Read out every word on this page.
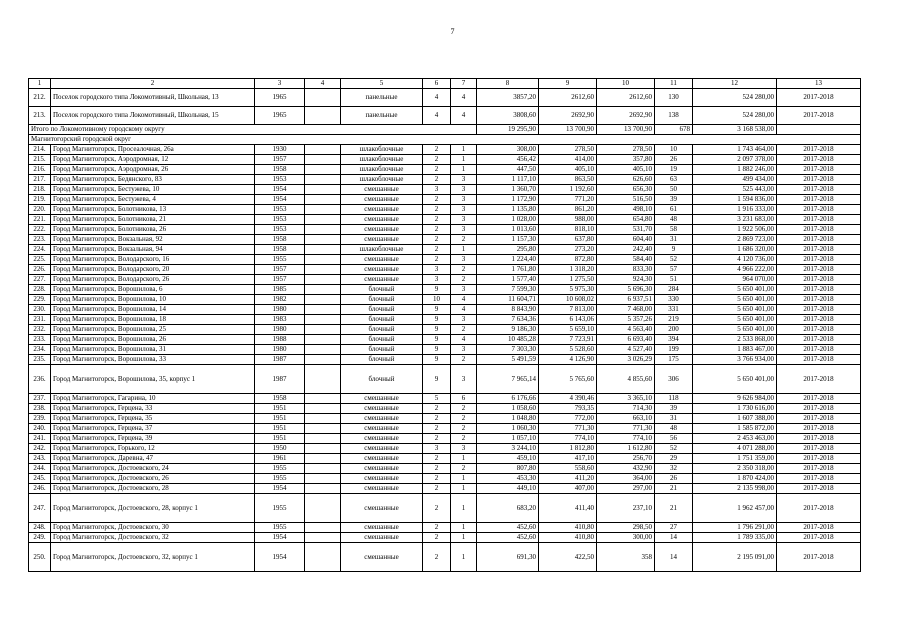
7
1	2	3	4	5	6	7	8	9	10	11	12	13
212.	Поселок городского типа Локомотивный, Школьная, 13	1965		панельные	4	4	3857,20	2612,60	2612,60	130	524 280,00	2017-2018
213.	Поселок городского типа Локомотивный, Школьная, 15	1965		панельные	4	4	3808,60	2692,90	2692,90	138	524 280,00	2017-2018
Итого по Локомотивному городскому округу							19 295,90	13 700,90	13 700,90	678	3 168 538,00	
Магнитогорский городской округ												
214.	Город Магнитогорск, Просеалочная, 26а	1930		шлакоблочные	2	1	308,00	278,50	278,50	10	1 743 464,00	2017-2018
215.	Город Магнитогорск, Аэродромная, 12	1957		шлакоблочные	2	1	456,42	414,00	357,80	26	2 097 378,00	2017-2018
216.	Город Магнитогорск, Аэродромная, 26	1958		шлакоблочные	2	1	447,50	405,10	405,10	19	1 882 246,00	2017-2018
217.	Город Магнитогорск, Бедянского, 83	1953		шлакоблочные	2	3	1 117,10	863,50	626,60	63	499 434,00	2017-2018
218.	Город Магнитогорск, Бестужева, 10	1954		смешанные	3	3	1 360,70	1 192,60	656,30	50	525 443,00	2017-2018
219.	Город Магнитогорск, Бестужева, 4	1954		смешанные	2	3	1 172,90	771,20	516,50	39	1 594 836,00	2017-2018
220.	Город Магнитогорск, Болотникова, 13	1953		смешанные	2	3	1 135,80	861,20	498,10	61	1 916 333,00	2017-2018
221.	Город Магнитогорск, Болотникова, 21	1953		смешанные	2	3	1 028,00	988,00	654,80	48	3 231 683,00	2017-2018
222.	Город Магнитогорск, Болотникова, 26	1953		смешанные	2	3	1 013,60	818,10	531,70	58	1 922 506,00	2017-2018
223.	Город Магнитогорск, Вокзальная, 92	1958		смешанные	2	2	1 157,30	637,80	604,40	31	2 869 723,00	2017-2018
224.	Город Магнитогорск, Вокзальная, 94	1958		шлакоблочные	2	1	295,80	273,20	242,40	9	1 686 320,00	2017-2018
225.	Город Магнитогорск, Володарского, 16	1955		смешанные	2	3	1 224,40	872,80	584,40	52	4 120 736,00	2017-2018
226.	Город Магнитогорск, Володарского, 20	1957		смешанные	3	2	1 761,80	1 318,20	833,30	57	4 966 222,00	2017-2018
227.	Город Магнитогорск, Володарского, 26	1957		смешанные	3	2	1 577,40	1 275,50	924,30	51	964 070,00	2017-2018
228.	Город Магнитогорск, Ворошилова, 6	1985		блочный	9	3	7 599,30	5 975,30	5 696,30	284	5 650 401,00	2017-2018
229.	Город Магнитогорск, Ворошилова, 10	1982		блочный	10	4	11 604,71	10 608,02	6 937,51	330	5 650 401,00	2017-2018
230.	Город Магнитогорск, Ворошилова, 14	1980		блочный	9	4	8 843,90	7 813,00	7 468,00	331	5 650 401,00	2017-2018
231.	Город Магнитогорск, Ворошилова, 18	1983		блочный	9	3	7 634,36	6 143,06	5 357,26	219	5 650 401,00	2017-2018
232.	Город Магнитогорск, Ворошилова, 25	1980		блочный	9	2	9 186,30	5 659,10	4 563,40	200	5 650 401,00	2017-2018
233.	Город Магнитогорск, Ворошилова, 26	1988		блочный	9	4	10 485,28	7 723,91	6 693,40	394	2 533 868,00	2017-2018
234.	Город Магнитогорск, Ворошилова, 31	1980		блочный	9	3	7 303,30	5 528,60	4 527,40	199	1 883 467,00	2017-2018
235.	Город Магнитогорск, Ворошилова, 33	1987		блочный	9	2	5 491,59	4 126,90	3 026,29	175	3 766 934,00	2017-2018
236.	Город Магнитогорск, Ворошилова, 35, корпус 1	1987		блочный	9	3	7 965,14	5 765,60	4 855,60	306	5 650 401,00	2017-2018
237.	Город Магнитогорск, Гагарина, 10	1958		смешанные	5	6	6 176,66	4 390,46	3 365,10	118	9 626 984,00	2017-2018
238.	Город Магнитогорск, Герцена, 33	1951		смешанные	2	2	1 058,60	793,35	714,30	39	1 730 616,00	2017-2018
239.	Город Магнитогорск, Герцена, 35	1951		смешанные	2	2	1 048,80	772,00	663,10	31	1 607 388,00	2017-2018
240.	Город Магнитогорск, Герцена, 37	1951		смешанные	2	2	1 060,30	771,30	771,30	48	1 585 872,00	2017-2018
241.	Город Магнитогорск, Герцена, 39	1951		смешанные	2	2	1 057,10	774,10	774,10	56	2 453 463,00	2017-2018
242.	Город Магнитогорск, Горького, 12	1950		смешанные	3	3	3 244,10	1 812,80	1 612,80	52	4 071 288,00	2017-2018
243.	Город Магнитогорск, Даревна, 47	1961		смешанные	2	1	459,10	417,10	256,70	29	1 751 359,00	2017-2018
244.	Город Магнитогорск, Достоевского, 24	1955		смешанные	2	2	807,80	558,60	432,90	32	2 350 318,00	2017-2018
245.	Город Магнитогорск, Достоевского, 26	1955		смешанные	2	1	453,30	411,20	364,00	26	1 870 424,00	2017-2018
246.	Город Магнитогорск, Достоевского, 28	1954		смешанные	2	1	449,10	407,00	297,00	21	2 135 998,00	2017-2018
247.	Город Магнитогорск, Достоевского, 28, корпус 1	1955		смешанные	2	1	683,20	411,40	237,10	21	1 962 457,00	2017-2018
248.	Город Магнитогорск, Достоевского, 30	1955		смешанные	2	1	452,60	410,80	298,50	27	1 796 291,00	2017-2018
249.	Город Магнитогорск, Достоевского, 32	1954		смешанные	2	1	452,60	410,80	300,00	14	1 789 335,00	2017-2018
250.	Город Магнитогорск, Достоевского, 32, корпус 1	1954		смешанные	2	1	691,30	422,50	358	14	2 195 091,00	2017-2018
